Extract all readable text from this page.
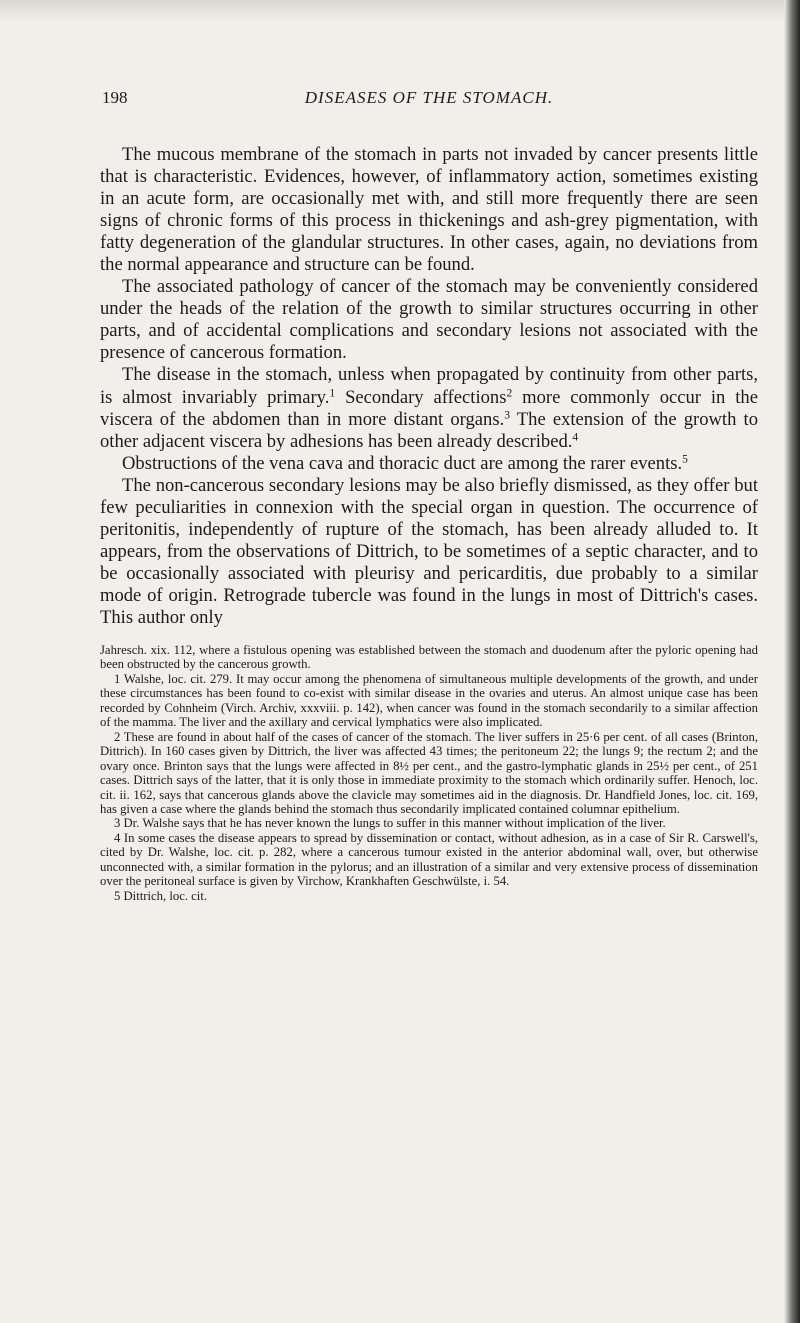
198	DISEASES OF THE STOMACH.

The mucous membrane of the stomach in parts not invaded by cancer presents little that is characteristic. Evidences, however, of inflammatory action, sometimes existing in an acute form, are occasionally met with, and still more frequently there are seen signs of chronic forms of this process in thickenings and ash-grey pigmentation, with fatty degeneration of the glandular structures. In other cases, again, no deviations from the normal appearance and structure can be found.

The associated pathology of cancer of the stomach may be conveniently considered under the heads of the relation of the growth to similar structures occurring in other parts, and of accidental complications and secondary lesions not associated with the presence of cancerous formation.

The disease in the stomach, unless when propagated by continuity from other parts, is almost invariably primary.$^1$ Secondary affections$^2$ more commonly occur in the viscera of the abdomen than in more distant organs.$^3$ The extension of the growth to other adjacent viscera by adhesions has been already described.$^4$

Obstructions of the vena cava and thoracic duct are among the rarer events.$^5$

The non-cancerous secondary lesions may be also briefly dismissed, as they offer but few peculiarities in connexion with the special organ in question. The occurrence of peritonitis, independently of rupture of the stomach, has been already alluded to. It appears, from the observations of Dittrich, to be sometimes of a septic character, and to be occasionally associated with pleurisy and pericarditis, due probably to a similar mode of origin. Retrograde tubercle was found in the lungs in most of Dittrich's cases. This author only

Jahresch. xix. 112, where a fistulous opening was established between the stomach and duodenum after the pyloric opening had been obstructed by the cancerous growth.

1 Walshe, loc. cit. 279. It may occur among the phenomena of simultaneous multiple developments of the growth, and under these circumstances has been found to co-exist with similar disease in the ovaries and uterus. An almost unique case has been recorded by Cohnheim (Virch. Archiv, xxxviii. p. 142), when cancer was found in the stomach secondarily to a similar affection of the mamma. The liver and the axillary and cervical lymphatics were also implicated.

2 These are found in about half of the cases of cancer of the stomach. The liver suffers in 25·6 per cent. of all cases (Brinton, Dittrich). In 160 cases given by Dittrich, the liver was affected 43 times; the peritoneum 22; the lungs 9; the rectum 2; and the ovary once. Brinton says that the lungs were affected in 8½ per cent., and the gastro-lymphatic glands in 25½ per cent., of 251 cases. Dittrich says of the latter, that it is only those in immediate proximity to the stomach which ordinarily suffer. Henoch, loc. cit. ii. 162, says that cancerous glands above the clavicle may sometimes aid in the diagnosis. Dr. Handfield Jones, loc. cit. 169, has given a case where the glands behind the stomach thus secondarily implicated contained columnar epithelium.

3 Dr. Walshe says that he has never known the lungs to suffer in this manner without implication of the liver.

4 In some cases the disease appears to spread by dissemination or contact, without adhesion, as in a case of Sir R. Carswell's, cited by Dr. Walshe, loc. cit. p. 282, where a cancerous tumour existed in the anterior abdominal wall, over, but otherwise unconnected with, a similar formation in the pylorus; and an illustration of a similar and very extensive process of dissemination over the peritoneal surface is given by Virchow, Krankhaften Geschwülste, i. 54.

5 Dittrich, loc. cit.
